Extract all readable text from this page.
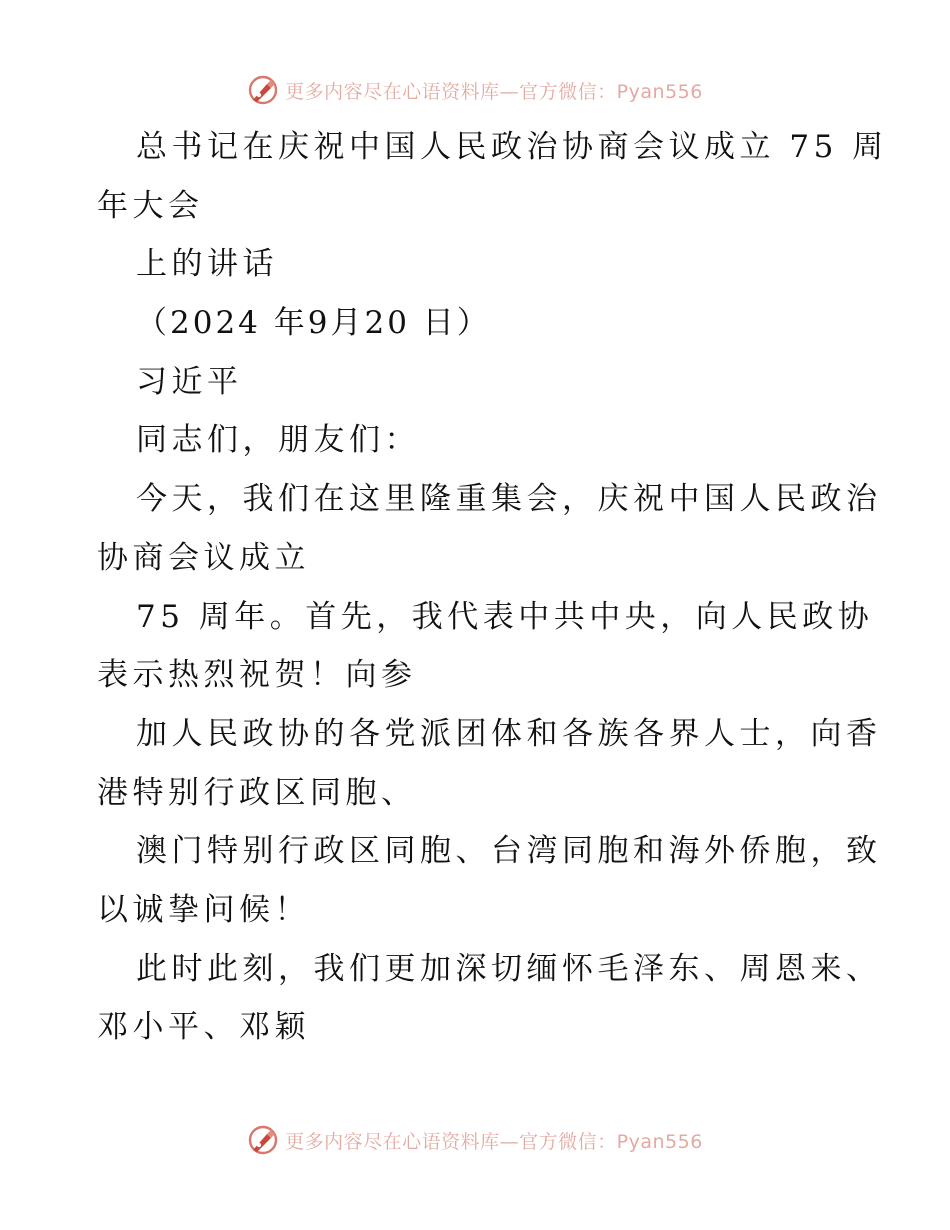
更多内容尽在心语资料库—官方微信：Pyan556
总书记在庆祝中国人民政治协商会议成立 75 周
年大会
上的讲话
（2024 年9月20 日）
习近平
同志们，朋友们：
今天，我们在这里隆重集会，庆祝中国人民政治
协商会议成立
75 周年。首先，我代表中共中央，向人民政协
表示热烈祝贺！向参
加人民政协的各党派团体和各族各界人士，向香
港特别行政区同胞、
澳门特别行政区同胞、台湾同胞和海外侨胞，致
以诚挚问候！
此时此刻，我们更加深切缅怀毛泽东、周恩来、
邓小平、邓颖
更多内容尽在心语资料库—官方微信：Pyan556
